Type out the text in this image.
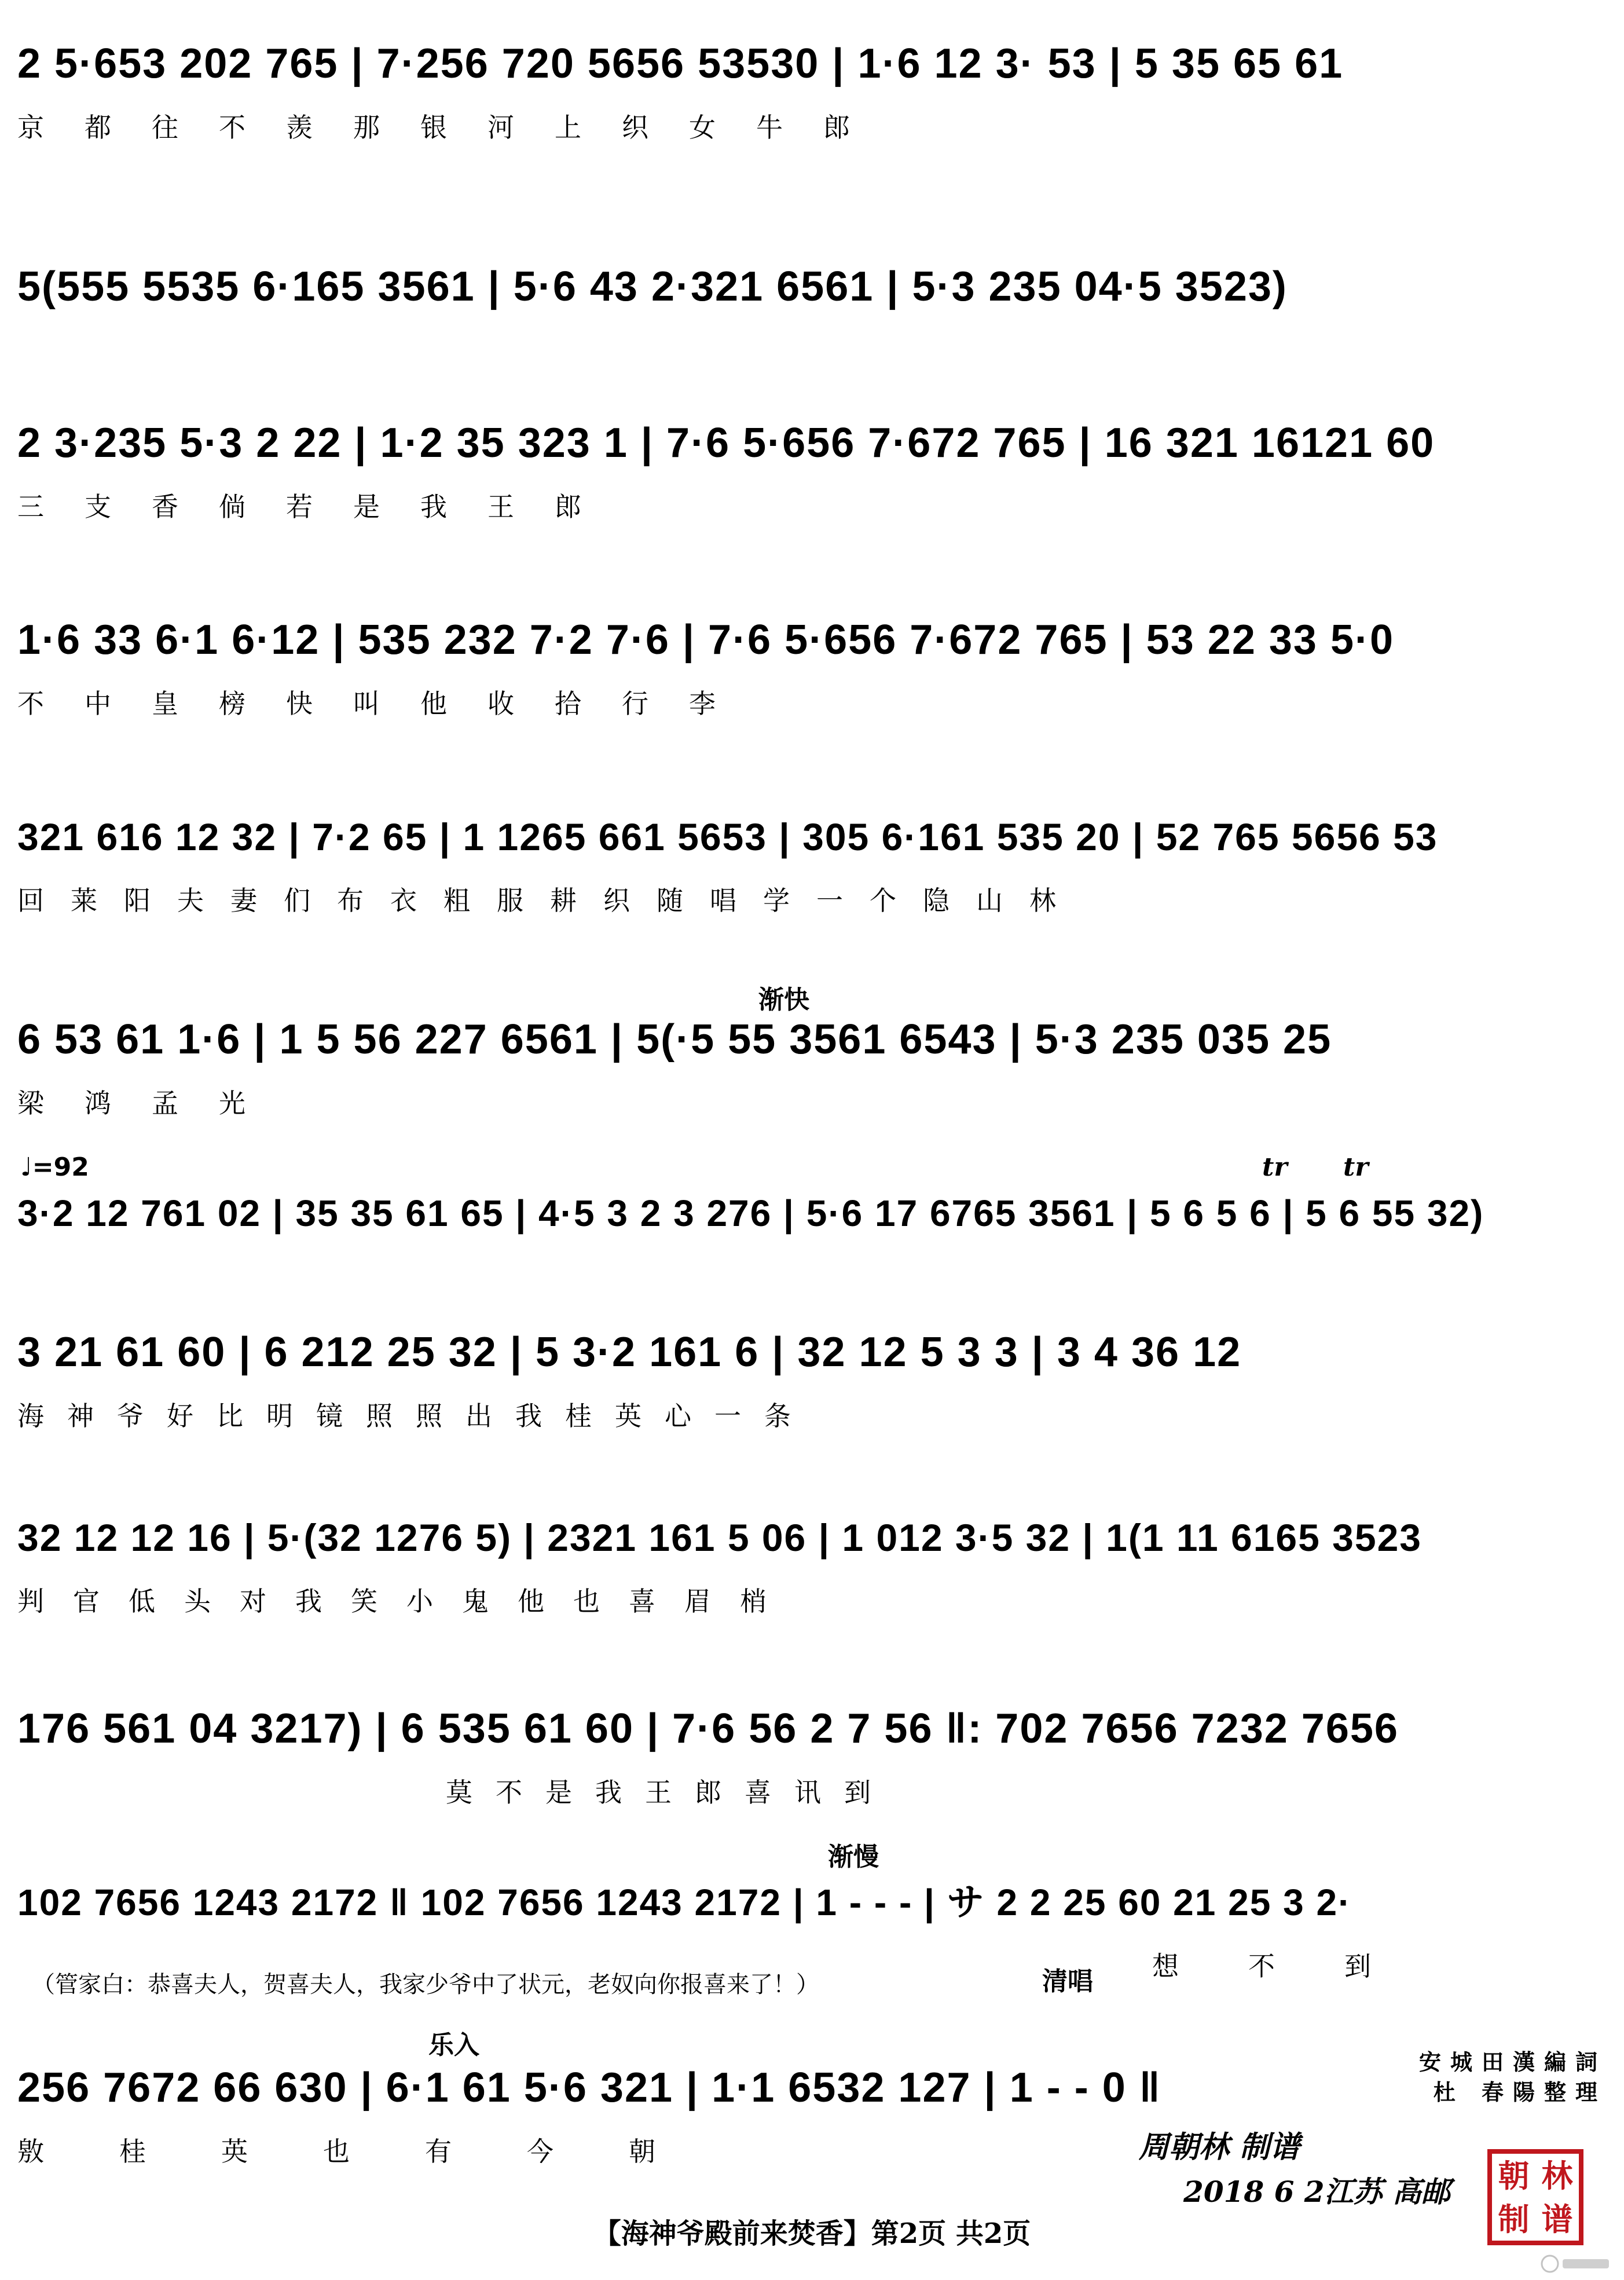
2 5·653 202 765 | 7·256 720 5656 53530 | 1·6 12 3· 53 | 5 35 65 61
京都往不羡那银河上织女牛郎
5(555 5535 6·165 3561 | 5·6 43 2·321 6561 | 5·3 235 04·5 3523)
2 3·235 5·3 2 22 | 1·2 35 323 1 | 7·6 5·656 7·672 765 | 16 321 16121 60
三支香倘若是我王郎
1·6 33 6·1 6·12 | 535 232 7·2 7·6 | 7·6 5·656 7·672 765 | 53 22 33 5·0
不中皇榜快叫他收拾行李
321 616 12 32 | 7·2 65 | 1 1265 661 5653 | 305 6·161 535 20 | 52 765 5656 53
回莱阳夫妻们布衣粗服耕织随唱学一个隐山林
渐快
6 53 61 1·6 | 1 5 56 227 6561 | 5(·5 55 3561 6543 | 5·3 235 035 25
梁鸿孟光
♩=92	tr tr
3·2 12 761 02 | 35 35 61 65 | 4·5 3 2 3 276 | 5·6 17 6765 3561 | 5 6 5 6 | 5 6 55 32)
3 21 61 60 | 6 212 25 32 | 5 3·2 161 6 | 32 12 5 3 3 | 3 4 36 12
海神爷好比明镜照照出我桂英心一条
32 12 12 16 | 5·(32 1276 5) | 2321 161 5 06 | 1 012 3·5 32 | 1(1 11 6165 3523
判官低头对我笑小鬼他也喜眉梢
176 561 04 3217) | 6 535 61 60 | 7·6 56 2 7 56 ‖: 702 7656 7232 7656
莫不是我王郎喜讯到
渐慢
102 7656 1243 2172 ‖ 102 7656 1243 2172 | 1 - - - | サ 2 2 25 60 21 25 3 2·
想不到
（管家白：恭喜夫人，贺喜夫人，我家少爷中了状元，老奴向你报喜来了！）	清唱
乐入
256 7672 66 630 | 6·1 61 5·6 321 | 1·1 6532 127 | 1 - - 0 ‖
敫桂英也有今朝
安城田漢編詞
杜 春陽整理
周朝林 制谱
2018 6 2江苏 高邮 朝 林
制 谱
【海神爷殿前来焚香】第2页 共2页
